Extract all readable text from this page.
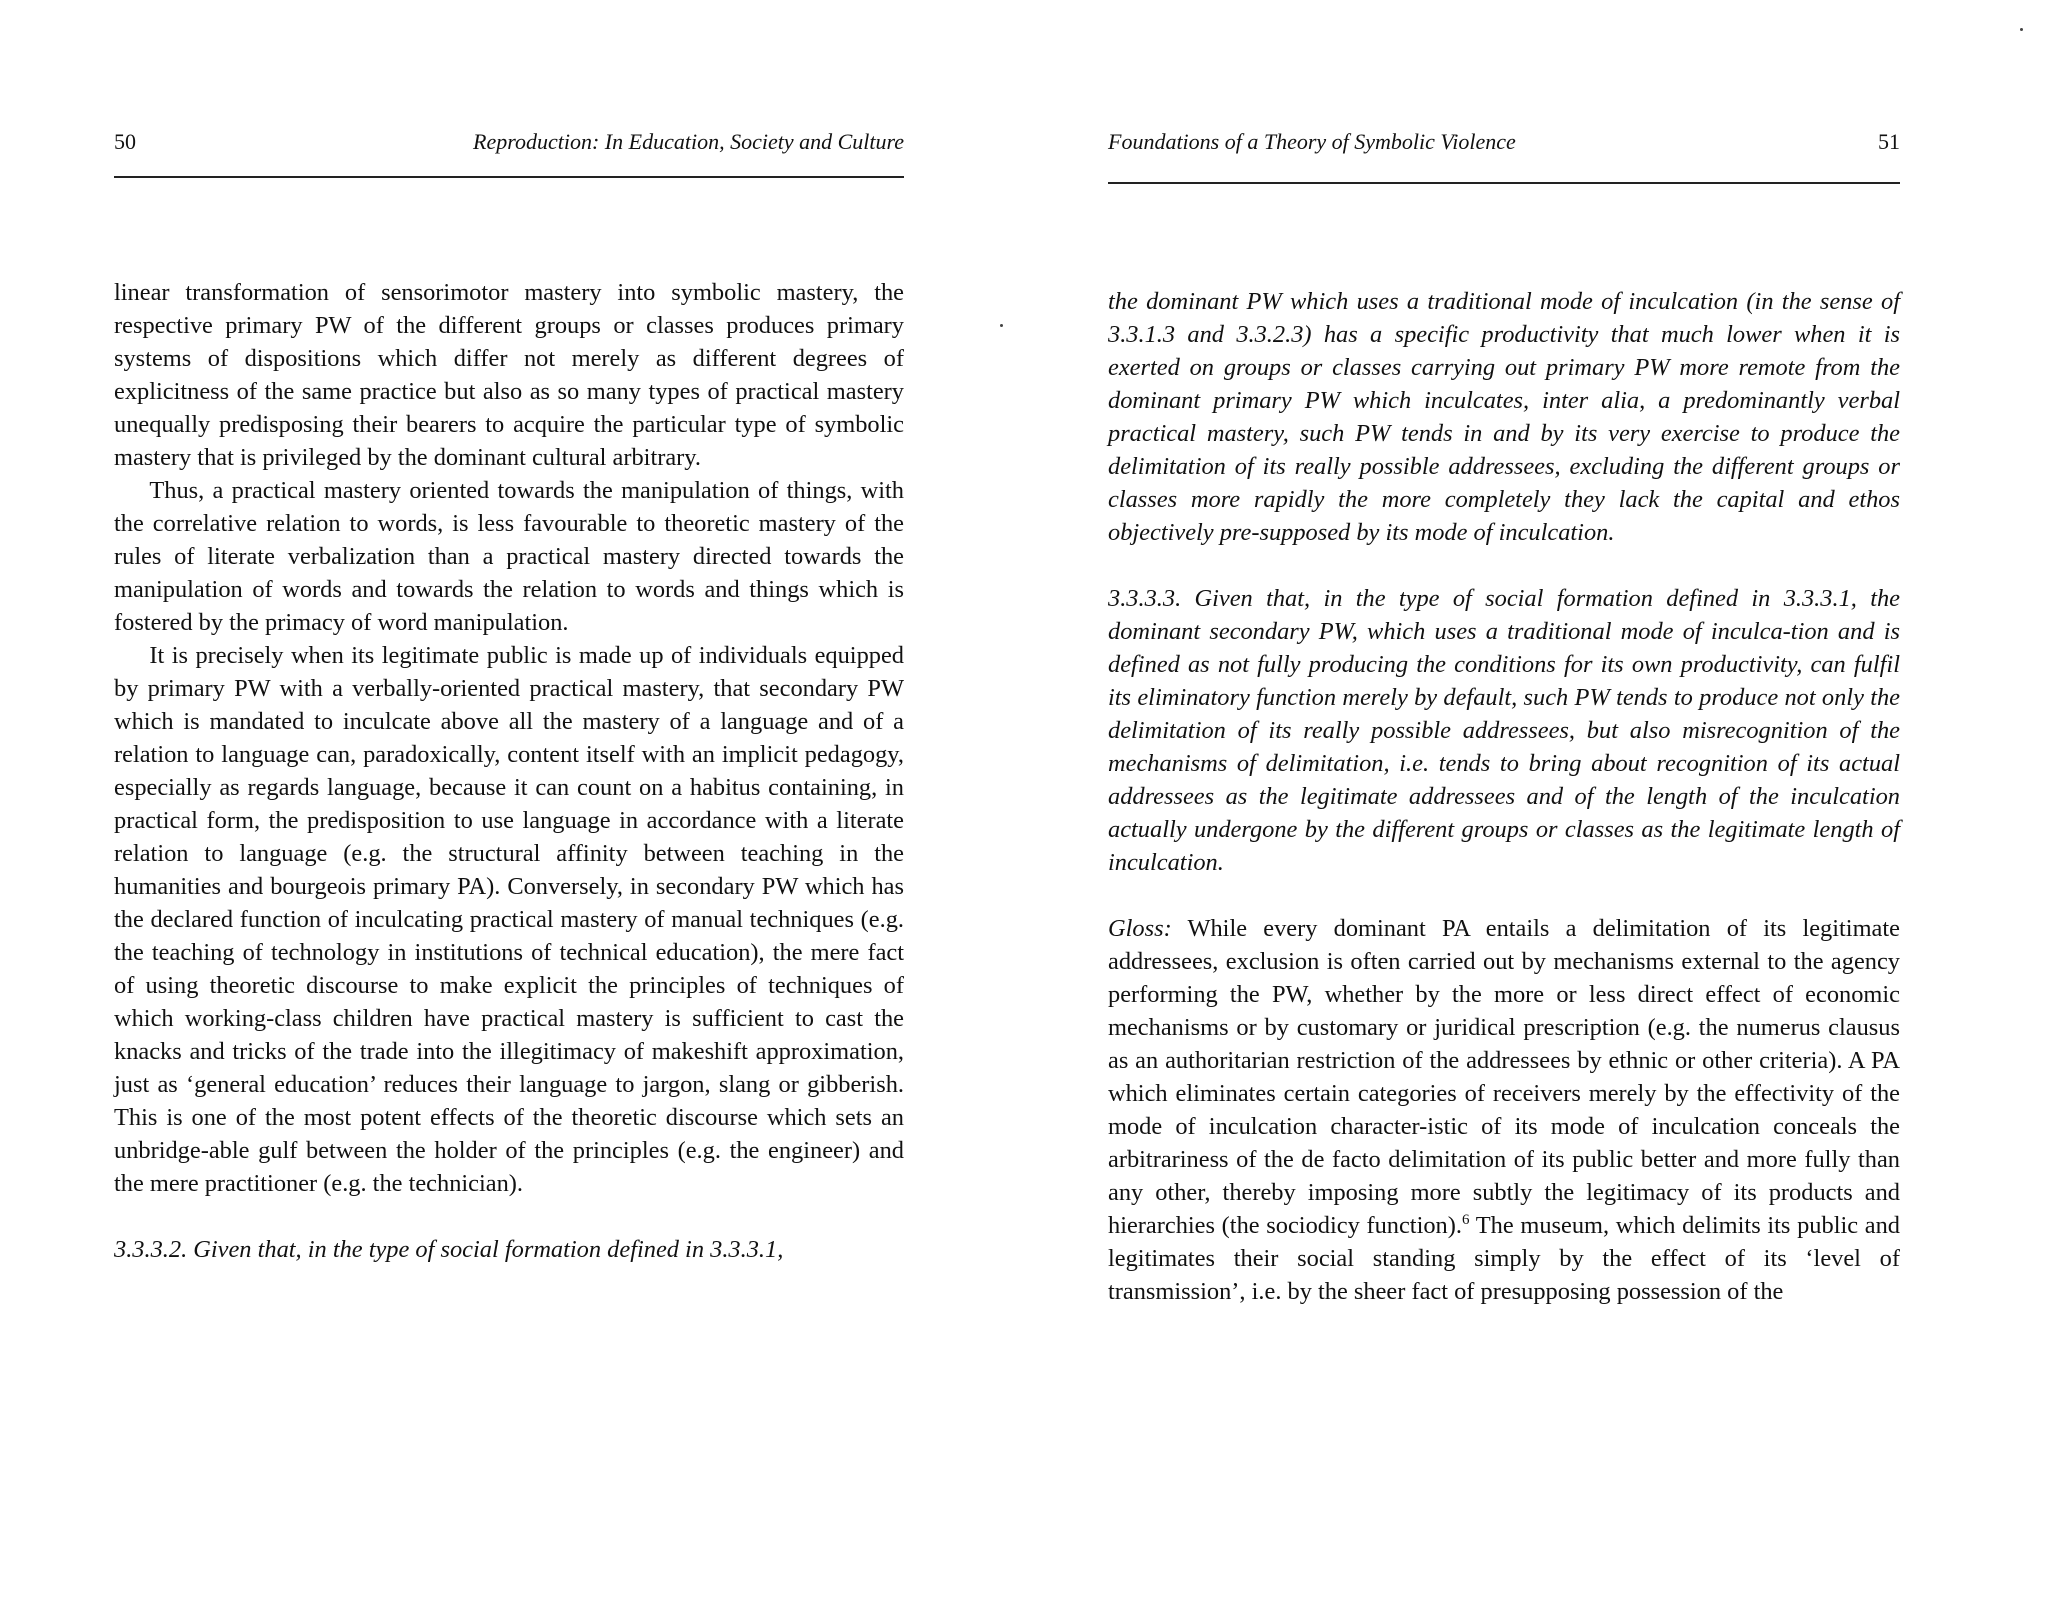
50	Reproduction: In Education, Society and Culture

linear transformation of sensorimotor mastery into symbolic mastery, the respective primary PW of the different groups or classes produces primary systems of dispositions which differ not merely as different degrees of explicitness of the same practice but also as so many types of practical mastery unequally predisposing their bearers to acquire the particular type of symbolic mastery that is privileged by the dominant cultural arbitrary.

Thus, a practical mastery oriented towards the manipulation of things, with the correlative relation to words, is less favourable to theoretic mastery of the rules of literate verbalization than a practical mastery directed towards the manipulation of words and towards the relation to words and things which is fostered by the primacy of word manipulation.

It is precisely when its legitimate public is made up of individuals equipped by primary PW with a verbally-oriented practical mastery, that secondary PW which is mandated to inculcate above all the mastery of a language and of a relation to language can, paradoxically, content itself with an implicit pedagogy, especially as regards language, because it can count on a habitus containing, in practical form, the predisposition to use language in accordance with a literate relation to language (e.g. the structural affinity between teaching in the humanities and bourgeois primary PA). Conversely, in secondary PW which has the declared function of inculcating practical mastery of manual techniques (e.g. the teaching of technology in institutions of technical education), the mere fact of using theoretic discourse to make explicit the principles of techniques of which working-class children have practical mastery is sufficient to cast the knacks and tricks of the trade into the illegitimacy of makeshift approximation, just as ‘general education’ reduces their language to jargon, slang or gibberish. This is one of the most potent effects of the theoretic discourse which sets an unbridge-able gulf between the holder of the principles (e.g. the engineer) and the mere practitioner (e.g. the technician).

3.3.3.2. Given that, in the type of social formation defined in 3.3.3.1,

Foundations of a Theory of Symbolic Violence	51

the dominant PW which uses a traditional mode of inculcation (in the sense of 3.3.1.3 and 3.3.2.3) has a specific productivity that much lower when it is exerted on groups or classes carrying out primary PW more remote from the dominant primary PW which inculcates, inter alia, a predominantly verbal practical mastery, such PW tends in and by its very exercise to produce the delimitation of its really possible addressees, excluding the different groups or classes more rapidly the more completely they lack the capital and ethos objectively pre-supposed by its mode of inculcation.

3.3.3.3. Given that, in the type of social formation defined in 3.3.3.1, the dominant secondary PW, which uses a traditional mode of inculca-tion and is defined as not fully producing the conditions for its own productivity, can fulfil its eliminatory function merely by default, such PW tends to produce not only the delimitation of its really possible addressees, but also misrecognition of the mechanisms of delimitation, i.e. tends to bring about recognition of its actual addressees as the legitimate addressees and of the length of the inculcation actually undergone by the different groups or classes as the legitimate length of inculcation.

Gloss: While every dominant PA entails a delimitation of its legitimate addressees, exclusion is often carried out by mechanisms external to the agency performing the PW, whether by the more or less direct effect of economic mechanisms or by customary or juridical prescription (e.g. the numerus clausus as an authoritarian restriction of the addressees by ethnic or other criteria). A PA which eliminates certain categories of receivers merely by the effectivity of the mode of inculcation character-istic of its mode of inculcation conceals the arbitrariness of the de facto delimitation of its public better and more fully than any other, thereby imposing more subtly the legitimacy of its products and hierarchies (the sociodicy function).$^6$ The museum, which delimits its public and legitimates their social standing simply by the effect of its ‘level of transmission’, i.e. by the sheer fact of presupposing possession of the
